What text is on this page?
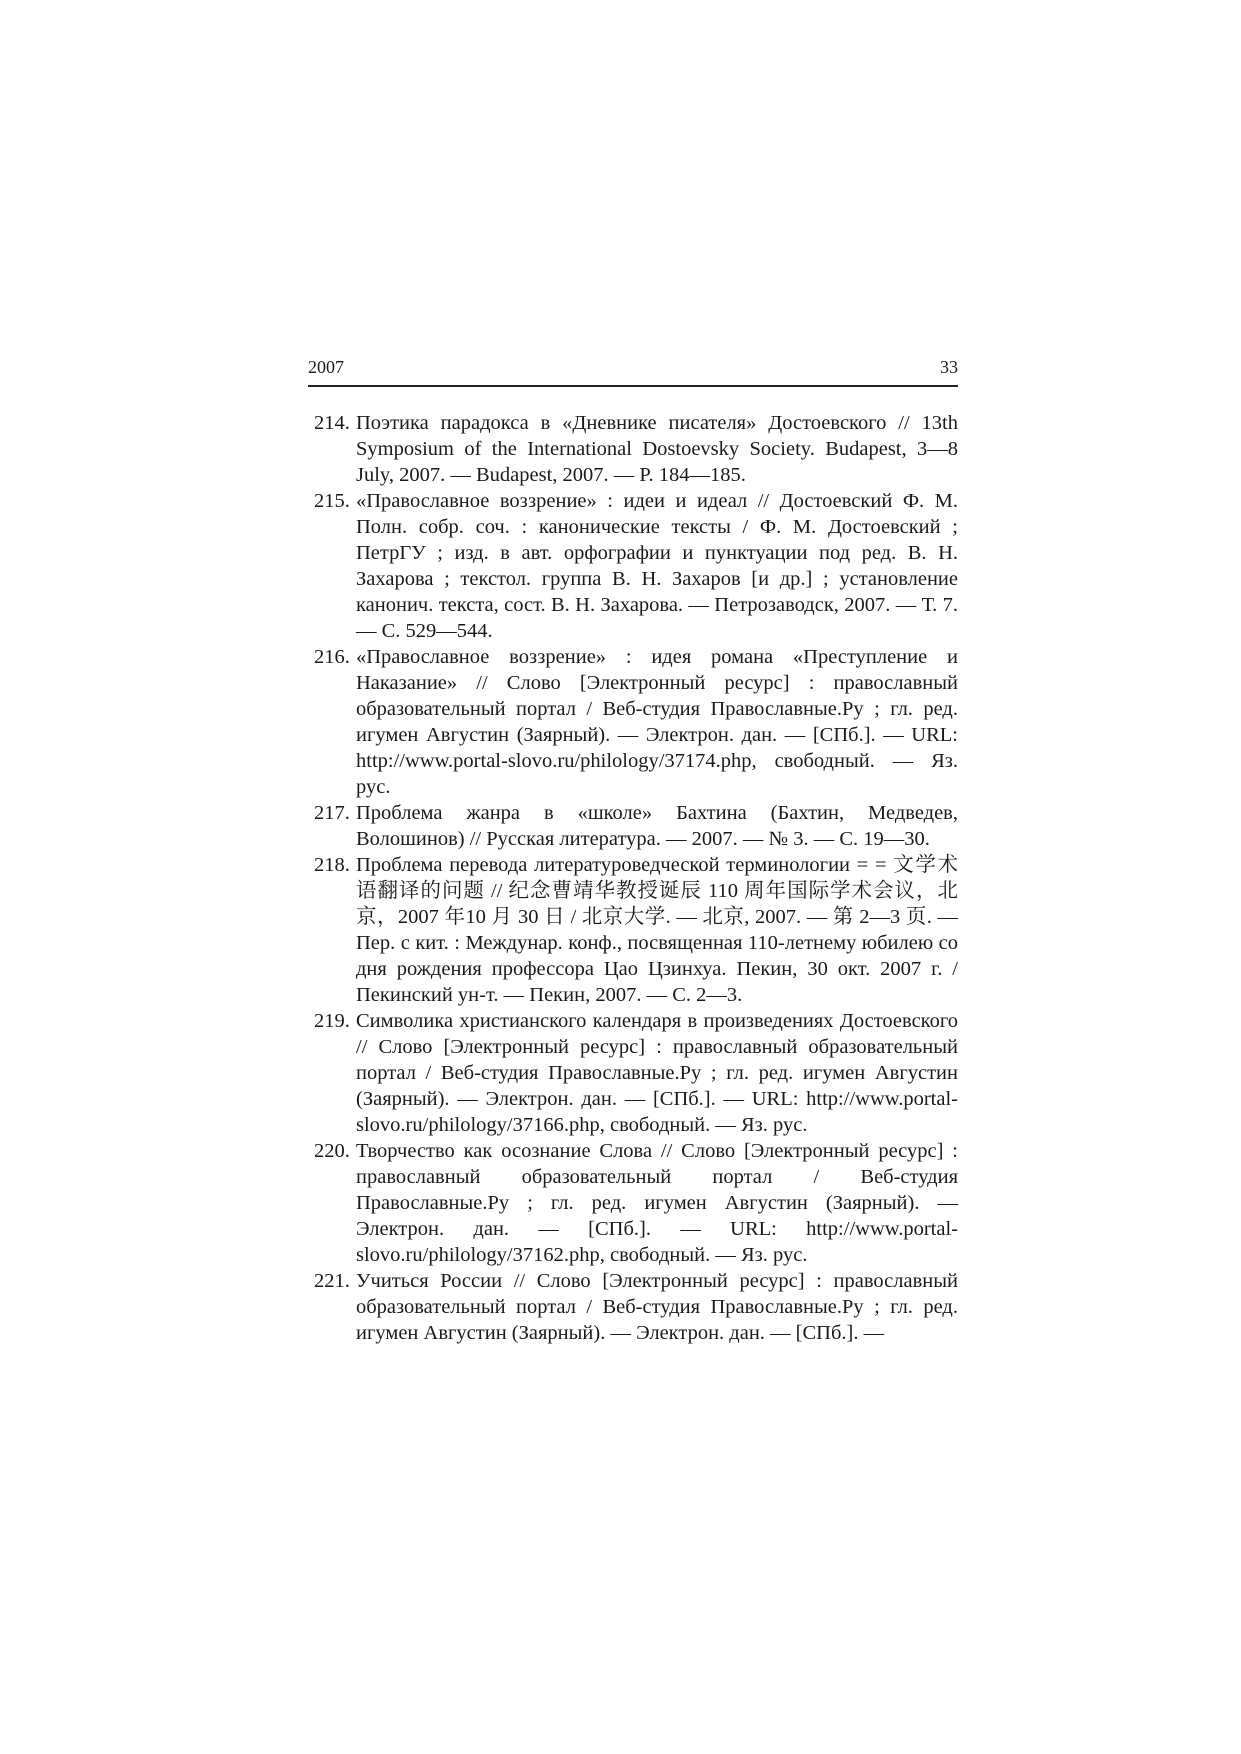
2007	33
214. Поэтика парадокса в «Дневнике писателя» Достоевского // 13th Symposium of the International Dostoevsky Society. Budapest, 3—8 July, 2007. — Budapest, 2007. — P. 184—185.
215. «Православное воззрение» : идеи и идеал // Достоевский Ф. М. Полн. собр. соч. : канонические тексты / Ф. М. Достоевский ; ПетрГУ ; изд. в авт. орфографии и пунктуации под ред. В. Н. Захарова ; текстол. группа В. Н. Захаров [и др.] ; установление канонич. текста, сост. В. Н. Захарова. — Петрозаводск, 2007. — Т. 7. — С. 529—544.
216. «Православное воззрение» : идея романа «Преступление и Наказание» // Слово [Электронный ресурс] : православный образовательный портал / Веб-студия Православные.Ру ; гл. ред. игумен Августин (Заярный). — Электрон. дан. — [СПб.]. — URL: http://www.portal-slovo.ru/philology/37174.php, свободный. — Яз. рус.
217. Проблема жанра в «школе» Бахтина (Бахтин, Медведев, Волошинов) // Русская литература. — 2007. — № 3. — С. 19—30.
218. Проблема перевода литературоведческой терминологии = = 文学术语翻译的问题 // 纪念曹靖华教授诞辰 110 周年国际学术会议，北京，2007 年10 月 30 日 / 北京大学. — 北京, 2007. — 第 2—3 页. — Пер. с кит. : Междунар. конф., посвященная 110-летнему юбилею со дня рождения профессора Цао Цзинхуа. Пекин, 30 окт. 2007 г. / Пекинский ун-т. — Пекин, 2007. — С. 2—3.
219. Символика христианского календаря в произведениях Достоевского // Слово [Электронный ресурс] : православный образовательный портал / Веб-студия Православные.Ру ; гл. ред. игумен Августин (Заярный). — Электрон. дан. — [СПб.]. — URL: http://www.portal-slovo.ru/philology/37166.php, свободный. — Яз. рус.
220. Творчество как осознание Слова // Слово [Электронный ресурс] : православный образовательный портал / Веб-студия Православные.Ру ; гл. ред. игумен Августин (Заярный). — Электрон. дан. — [СПб.]. — URL: http://www.portal-slovo.ru/philology/37162.php, свободный. — Яз. рус.
221. Учиться России // Слово [Электронный ресурс] : православный образовательный портал / Веб-студия Православные.Ру ; гл. ред. игумен Августин (Заярный). — Электрон. дан. — [СПб.]. —
